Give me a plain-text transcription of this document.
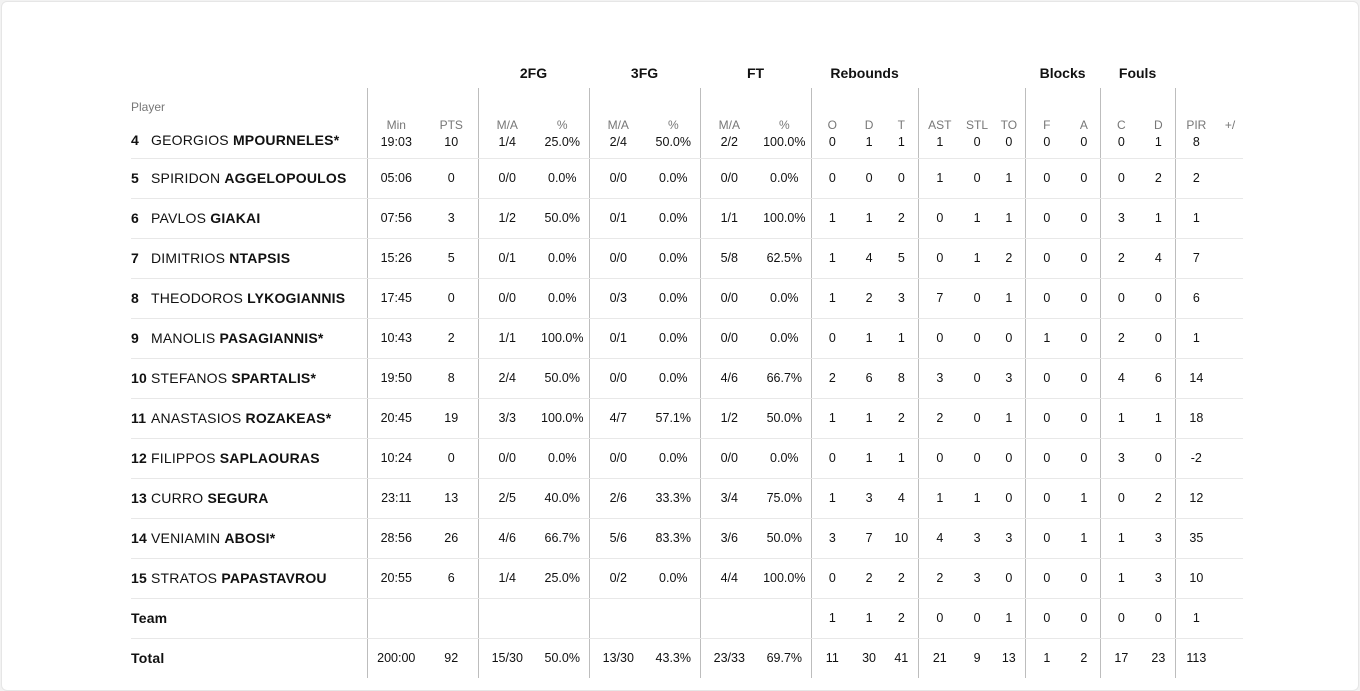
			2FG		3FG		FT		Rebounds						Blocks		Fouls			
Player	Min	PTS	M/A	%	M/A	%	M/A	%	O	D	T	AST	STL	TO	F	A	C	D	PIR	+/
4 GEORGIOS MPOURNELES*	19:03	10	1/4	25.0%	2/4	50.0%	2/2	100.0%	0	1	1	1	0	0	0	0	0	1	8	
5 SPIRIDON AGGELOPOULOS	05:06	0	0/0	0.0%	0/0	0.0%	0/0	0.0%	0	0	0	1	0	1	0	0	0	2	2	
6 PAVLOS GIAKAI	07:56	3	1/2	50.0%	0/1	0.0%	1/1	100.0%	1	1	2	0	1	1	0	0	3	1	1	
7 DIMITRIOS NTAPSIS	15:26	5	0/1	0.0%	0/0	0.0%	5/8	62.5%	1	4	5	0	1	2	0	0	2	4	7	
8 THEODOROS LYKOGIANNIS	17:45	0	0/0	0.0%	0/3	0.0%	0/0	0.0%	1	2	3	7	0	1	0	0	0	0	6	
9 MANOLIS PASAGIANNIS*	10:43	2	1/1	100.0%	0/1	0.0%	0/0	0.0%	0	1	1	0	0	0	1	0	2	0	1	
10 STEFANOS SPARTALIS*	19:50	8	2/4	50.0%	0/0	0.0%	4/6	66.7%	2	6	8	3	0	3	0	0	4	6	14	
11 ANASTASIOS ROZAKEAS*	20:45	19	3/3	100.0%	4/7	57.1%	1/2	50.0%	1	1	2	2	0	1	0	0	1	1	18	
12 FILIPPOS SAPLAOURAS	10:24	0	0/0	0.0%	0/0	0.0%	0/0	0.0%	0	1	1	0	0	0	0	0	3	0	-2	
13 CURRO SEGURA	23:11	13	2/5	40.0%	2/6	33.3%	3/4	75.0%	1	3	4	1	1	0	0	1	0	2	12	
14 VENIAMIN ABOSI*	28:56	26	4/6	66.7%	5/6	83.3%	3/6	50.0%	3	7	10	4	3	3	0	1	1	3	35	
15 STRATOS PAPASTAVROU	20:55	6	1/4	25.0%	0/2	0.0%	4/4	100.0%	0	2	2	2	3	0	0	0	1	3	10	
Team									1	1	2	0	0	1	0	0	0	0	1	
Total	200:00	92	15/30	50.0%	13/30	43.3%	23/33	69.7%	11	30	41	21	9	13	1	2	17	23	113	
